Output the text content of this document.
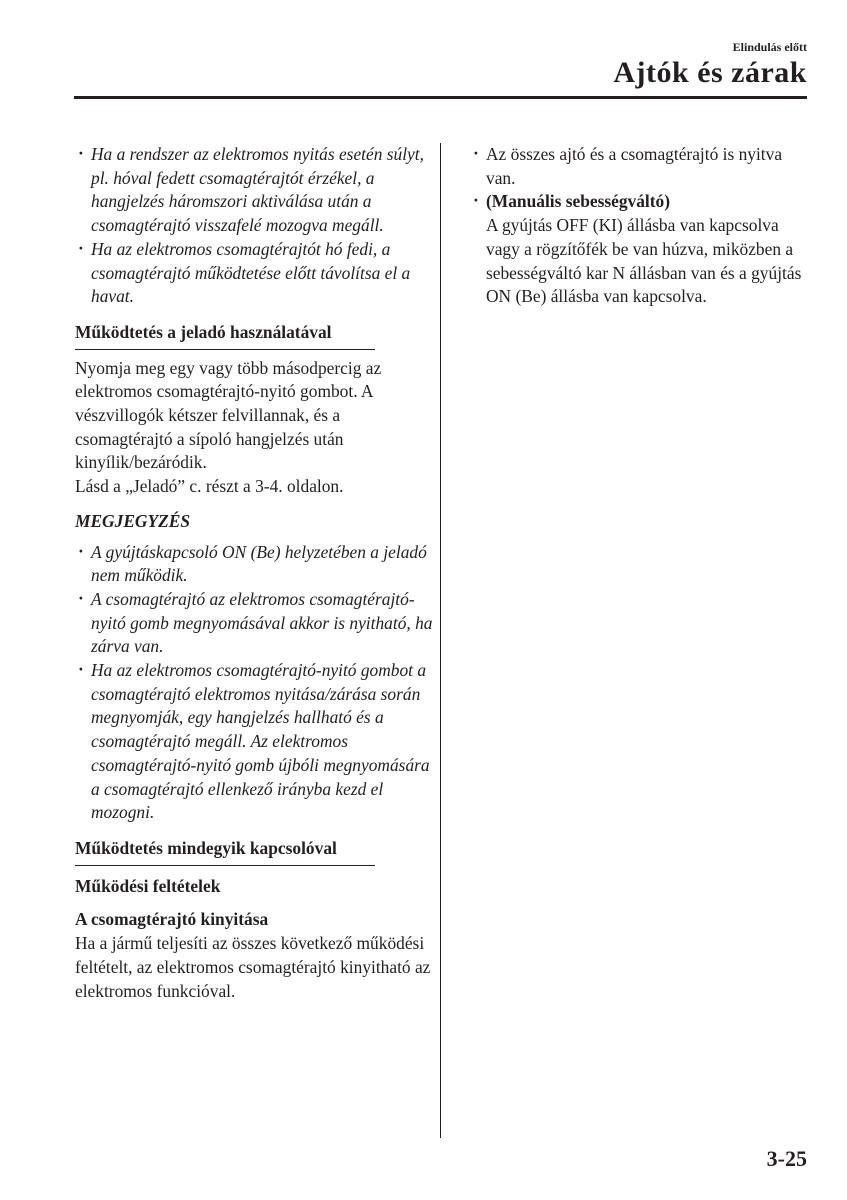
Elindulás előtt
Ajtók és zárak
· Ha a rendszer az elektromos nyitás esetén súlyt, pl. hóval fedett csomagtérajtót érzékel, a hangjelzés háromszori aktiválása után a csomagtérajtó visszafelé mozogva megáll.
· Ha az elektromos csomagtérajtót hó fedi, a csomagtérajtó működtetése előtt távolítsa el a havat.
Működtetés a jeladó használatával

Nyomja meg egy vagy több másodpercig az elektromos csomagtérajtó-nyitó gombot. A vészvillogók kétszer felvillannak, és a csomagtérajtó a sípoló hangjelzés után kinyílik/bezáródik.

Lásd a „Jeladó” c. részt a 3-4. oldalon.

MEGJEGYZÉS
· A gyújtáskapcsoló ON (Be) helyzetében a jeladó nem működik.
· A csomagtérajtó az elektromos csomagtérajtó-nyitó gomb megnyomásával akkor is nyitható, ha zárva van.
· Ha az elektromos csomagtérajtó-nyitó gombot a csomagtérajtó elektromos nyitása/zárása során megnyomják, egy hangjelzés hallható és a csomagtérajtó megáll. Az elektromos csomagtérajtó-nyitó gomb újbóli megnyomására a csomagtérajtó ellenkező irányba kezd el mozogni.
Működtetés mindegyik kapcsolóval
Működési feltételek
A csomagtérajtó kinyitása

Ha a jármű teljesíti az összes következő működési feltételt, az elektromos csomagtérajtó kinyitható az elektromos funkcióval.

· Az összes ajtó és a csomagtérajtó is nyitva van.
· (Manuális sebességváltó)
A gyújtás OFF (KI) állásba van kapcsolva vagy a rögzítőfék be van húzva, miközben a sebességváltó kar N állásban van és a gyújtás ON (Be) állásba van kapcsolva.
3-25
